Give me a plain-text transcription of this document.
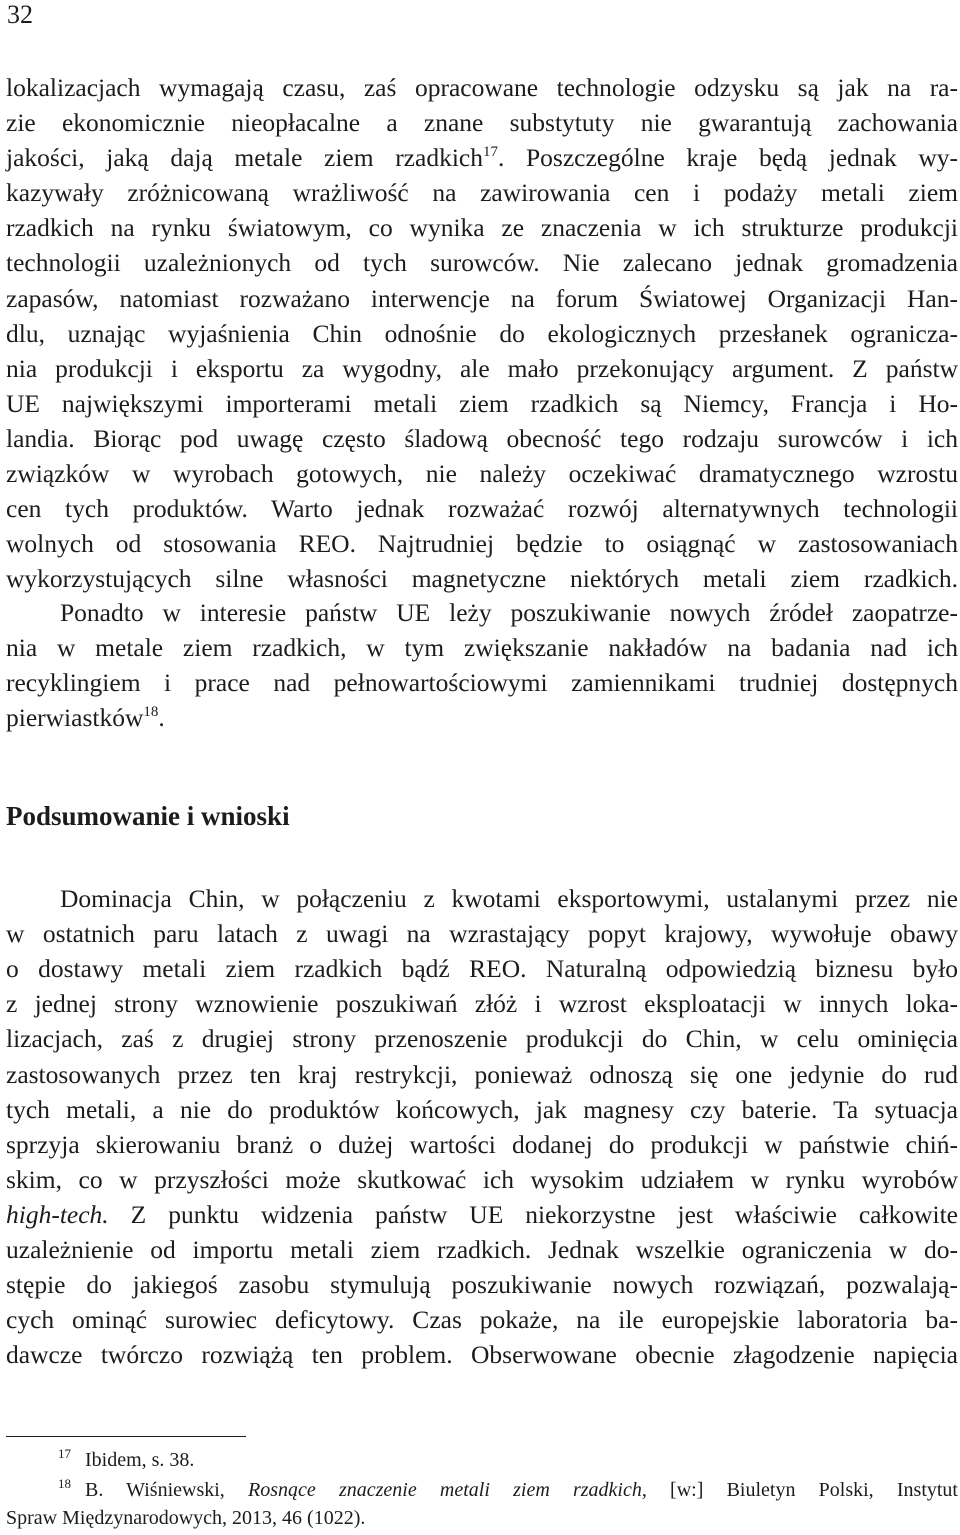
32
lokalizacjach wymagają czasu, zaś opracowane technologie odzysku są jak na ra-
zie ekonomicznie nieopłacalne a znane substytuty nie gwarantują zachowania
jakości, jaką dają metale ziem rzadkich$^{17}$. Poszczególne kraje będą jednak wy-
kazywały zróżnicowaną wrażliwość na zawirowania cen i podaży metali ziem
rzadkich na rynku światowym, co wynika ze znaczenia w ich strukturze produkcji
technologii uzależnionych od tych surowców. Nie zalecano jednak gromadzenia
zapasów, natomiast rozważano interwencje na forum Światowej Organizacji Han-
dlu, uznając wyjaśnienia Chin odnośnie do ekologicznych przesłanek ogranicza-
nia produkcji i eksportu za wygodny, ale mało przekonujący argument. Z państw
UE największymi importerami metali ziem rzadkich są Niemcy, Francja i Ho-
landia. Biorąc pod uwagę często śladową obecność tego rodzaju surowców i ich
związków w wyrobach gotowych, nie należy oczekiwać dramatycznego wzrostu
cen tych produktów. Warto jednak rozważać rozwój alternatywnych technologii
wolnych od stosowania REO. Najtrudniej będzie to osiągnąć w zastosowaniach
wykorzystujących silne własności magnetyczne niektórych metali ziem rzadkich.
Ponadto w interesie państw UE leży poszukiwanie nowych źródeł zaopatrze-
nia w metale ziem rzadkich, w tym zwiększanie nakładów na badania nad ich
recyklingiem i prace nad pełnowartościowymi zamiennikami trudniej dostępnych
pierwiastków$^{18}$.
Podsumowanie i wnioski
Dominacja Chin, w połączeniu z kwotami eksportowymi, ustalanymi przez nie
w ostatnich paru latach z uwagi na wzrastający popyt krajowy, wywołuje obawy
o dostawy metali ziem rzadkich bądź REO. Naturalną odpowiedzią biznesu było
z jednej strony wznowienie poszukiwań złóż i wzrost eksploatacji w innych loka-
lizacjach, zaś z drugiej strony przenoszenie produkcji do Chin, w celu ominięcia
zastosowanych przez ten kraj restrykcji, ponieważ odnoszą się one jedynie do rud
tych metali, a nie do produktów końcowych, jak magnesy czy baterie. Ta sytuacja
sprzyja skierowaniu branż o dużej wartości dodanej do produkcji w państwie chiń-
skim, co w przyszłości może skutkować ich wysokim udziałem w rynku wyrobów
high-tech. Z punktu widzenia państw UE niekorzystne jest właściwie całkowite
uzależnienie od importu metali ziem rzadkich. Jednak wszelkie ograniczenia w do-
stępie do jakiegoś zasobu stymulują poszukiwanie nowych rozwiązań, pozwalają-
cych ominąć surowiec deficytowy. Czas pokaże, na ile europejskie laboratoria ba-
dawcze twórczo rozwiążą ten problem. Obserwowane obecnie złagodzenie napięcia
$^{17}$ Ibidem, s. 38.
$^{18}$ B. Wiśniewski, Rosnące znaczenie metali ziem rzadkich, [w:] Biuletyn Polski, Instytut
Spraw Międzynarodowych, 2013, 46 (1022).
